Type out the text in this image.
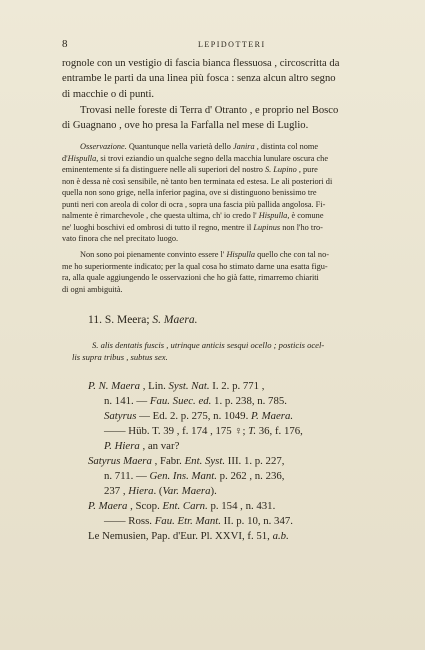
8	LEPIDOTTERI
rognole con un vestigio di fascia bianca flessuosa , circoscritta da
entrambe le parti da una linea più fosca : senza alcun altro segno
di macchie o di punti.
Trovasi nelle foreste di Terra d' Otranto , e proprio nel Bosco
di Guagnano , ove ho presa la Farfalla nel mese di Luglio.
Osservazione. Quantunque nella varietà dello Janira , distinta col nome
d'Hispulla, si trovi eziandio un qualche segno della macchia lunulare oscura che
eminentemente si fa distinguere nelle ali superiori del nostro S. Lupino , pure
non è dessa nè così sensibile, nè tanto ben terminata ed estesa. Le ali posteriori di
quella non sono grige, nella inferior pagina, ove si distinguono benissimo tre
punti neri con areola di color di ocra , sopra una fascia più pallida angolosa. Fi-
nalmente è rimarchevole , che questa ultima, ch' io credo l' Hispulla, è comune
ne' luoghi boschivi ed ombrosi di tutto il regno, mentre il Lupinus non l'ho tro-
vato finora che nel precitato luogo.
Non sono poi pienamente convinto essere l' Hispulla quello che con tal no-
me ho superiormente indicato; per la qual cosa ho stimato darne una esatta figu-
ra, alla quale aggiungendo le osservazioni che ho già fatte, rimarremo chiariti
di ogni ambiguità.
11. S. Meera; S. Maera.
S. alis dentatis fuscis , utrinque anticis sesqui ocello ; posticis ocel-
lis supra tribus , subtus sex.
P. N. Maera , Lin. Syst. Nat. I. 2. p. 771 ,
n. 141. — Fau. Suec. ed. 1. p. 238, n. 785.
Satyrus — Ed. 2. p. 275, n. 1049. P. Maera.
—— Hüb. T. 39 , f. 174 , 175 ♀; T. 36, f. 176,
P. Hiera , an var?
Satyrus Maera , Fabr. Ent. Syst. III. 1. p. 227,
n. 711. — Gen. Ins. Mant. p. 262 , n. 236,
237 , Hiera. (Var. Maera).
P. Maera , Scop. Ent. Carn. p. 154 , n. 431.
—— Ross. Fau. Etr. Mant. II. p. 10, n. 347.
Le Nemusien, Pap. d'Eur. Pl. XXVI, f. 51, a.b.
